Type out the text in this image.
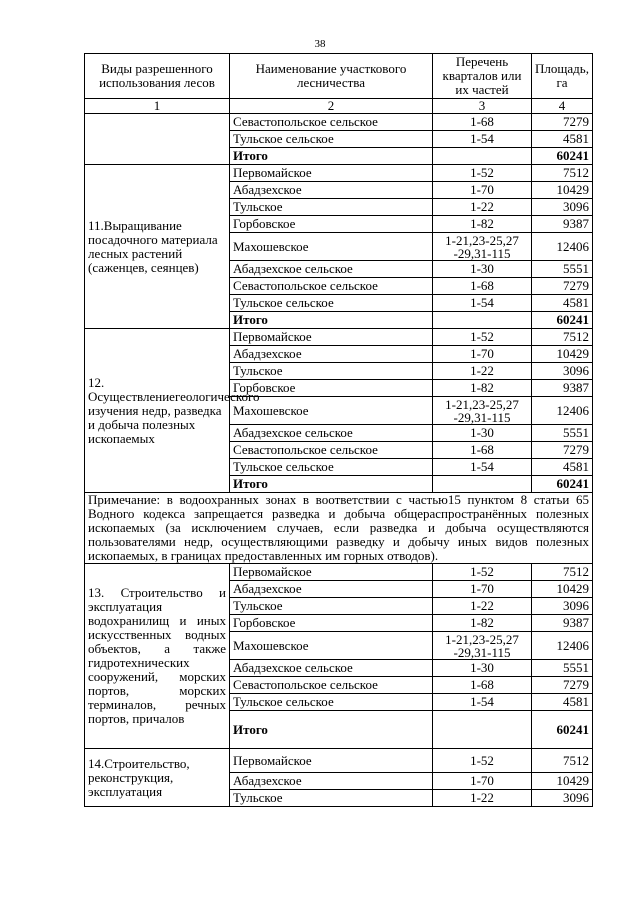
38
Виды разрешенного использования лесов	Наименование участкового лесничества	Перечень кварталов или их частей	Площадь, га
1	2	3	4
	Севастопольское сельское	1-68	7279
	Тульское сельское	1-54	4581
	Итого		60241
11.Выращивание посадочного материала лесных растений (саженцев, сеянцев)	Первомайское	1-52	7512
	Абадзехское	1-70	10429
	Тульское	1-22	3096
	Горбовское	1-82	9387
	Махошевское	1-21,23-25,27 -29,31-115	12406
	Абадзехское сельское	1-30	5551
	Севастопольское сельское	1-68	7279
	Тульское сельское	1-54	4581
	Итого		60241
12. Осуществлениегеологического изучения недр, разведка и добыча полезных ископаемых	Первомайское	1-52	7512
	Абадзехское	1-70	10429
	Тульское	1-22	3096
	Горбовское	1-82	9387
	Махошевское	1-21,23-25,27 -29,31-115	12406
	Абадзехское сельское	1-30	5551
	Севастопольское сельское	1-68	7279
	Тульское сельское	1-54	4581
	Итого		60241
Примечание: в водоохранных зонах в воответствии с частью15 пунктом 8 статьи 65 Водного кодекса запрещается разведка и добыча общераспространённых полезных ископаемых (за исключением случаев, если разведка и добыча осуществляются пользователями недр, осуществляющими разведку и добычу иных видов полезных ископаемых, в границах предоставленных им горных отводов).			
13. Строительство и эксплуатация водохранилищ и иных искусственных водных объектов, а также гидротехнических сооружений, морских портов, морских терминалов, речных портов, причалов	Первомайское	1-52	7512
	Абадзехское	1-70	10429
	Тульское	1-22	3096
	Горбовское	1-82	9387
	Махошевское	1-21,23-25,27 -29,31-115	12406
	Абадзехское сельское	1-30	5551
	Севастопольское сельское	1-68	7279
	Тульское сельское	1-54	4581
	Итого		60241
14.Строительство, реконструкция, эксплуатация	Первомайское	1-52	7512
	Абадзехское	1-70	10429
	Тульское	1-22	3096
